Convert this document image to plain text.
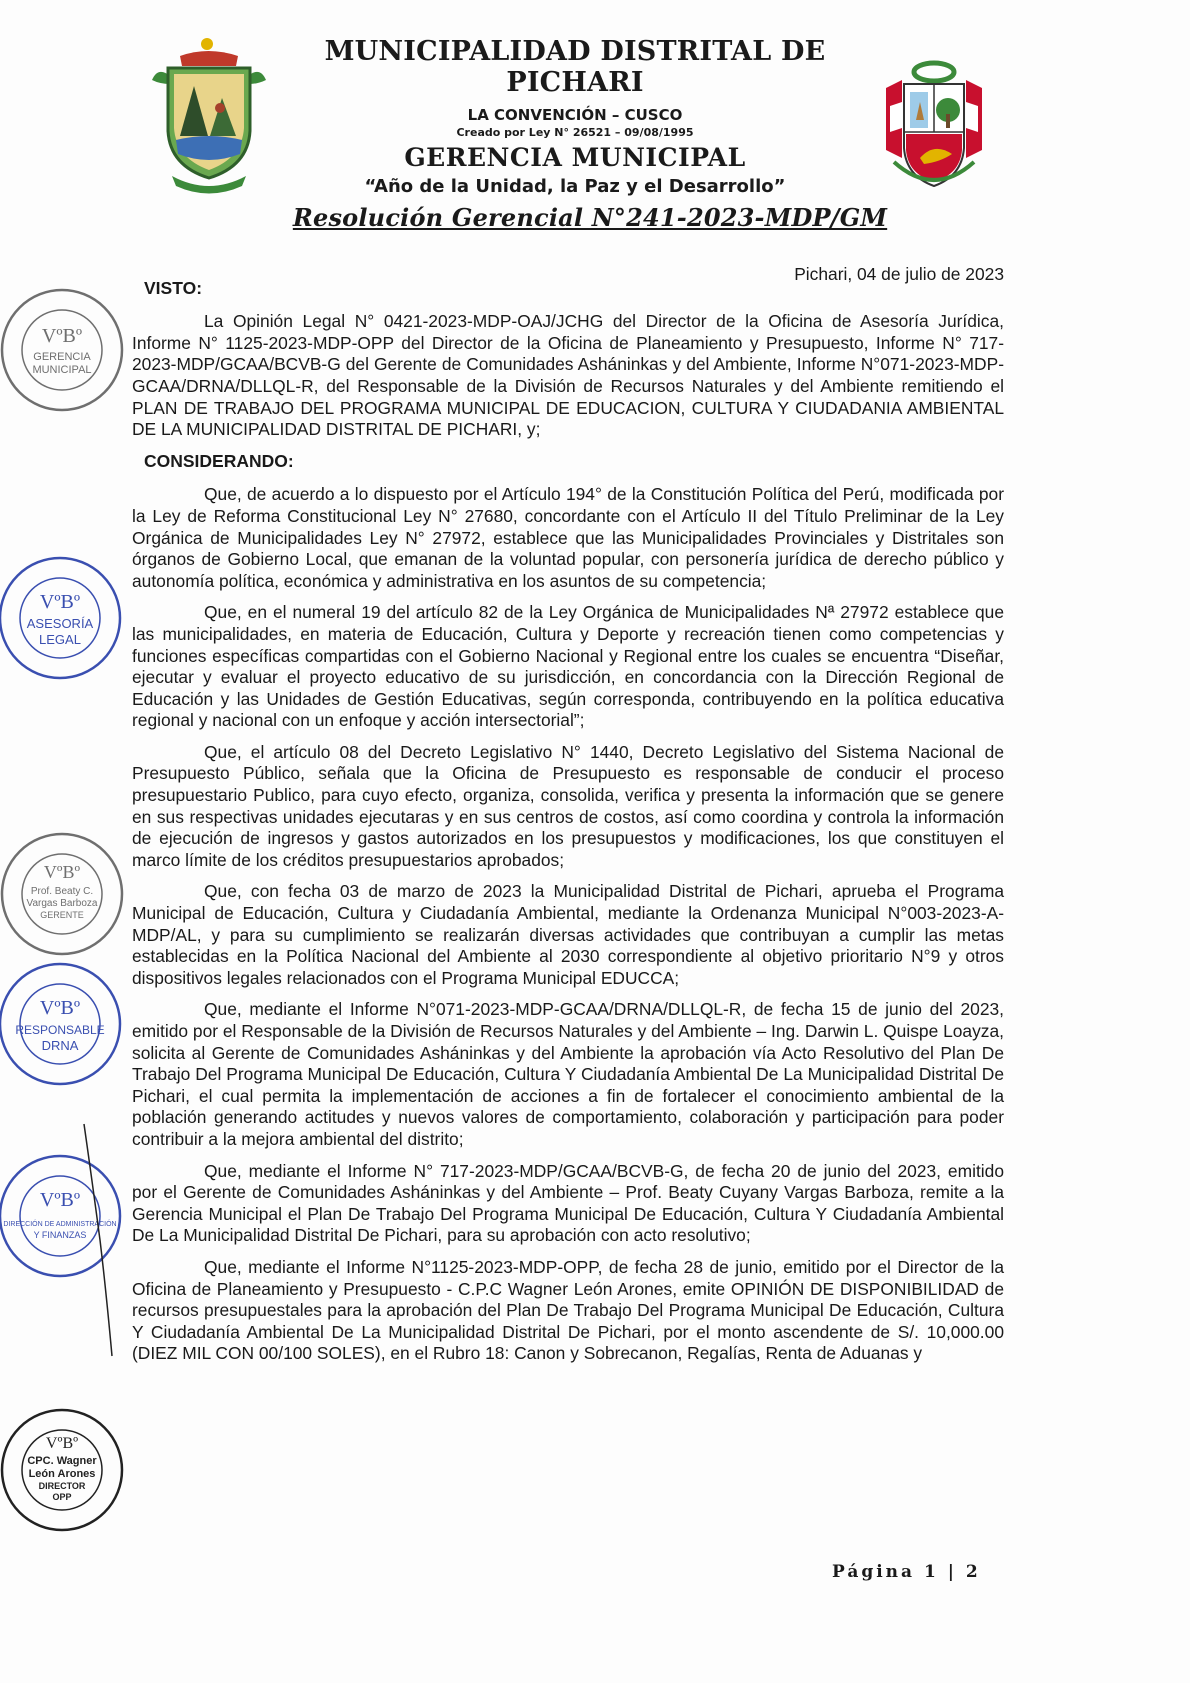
MUNICIPALIDAD DISTRITAL DE PICHARI
LA CONVENCIÓN – CUSCO
Creado por Ley N° 26521 – 09/08/1995
GERENCIA MUNICIPAL
“Año de la Unidad, la Paz y el Desarrollo”
Resolución Gerencial N°241-2023-MDP/GM
Pichari, 04 de julio de 2023
VISTO:

La Opinión Legal N° 0421-2023-MDP-OAJ/JCHG del Director de la Oficina de Asesoría Jurídica, Informe N° 1125-2023-MDP-OPP del Director de la Oficina de Planeamiento y Presupuesto, Informe N° 717-2023-MDP/GCAA/BCVB-G del Gerente de Comunidades Asháninkas y del Ambiente, Informe N°071-2023-MDP-GCAA/DRNA/DLLQL-R, del Responsable de la División de Recursos Naturales y del Ambiente remitiendo el PLAN DE TRABAJO DEL PROGRAMA MUNICIPAL DE EDUCACION, CULTURA Y CIUDADANIA AMBIENTAL DE LA MUNICIPALIDAD DISTRITAL DE PICHARI, y;

CONSIDERANDO:

Que, de acuerdo a lo dispuesto por el Artículo 194° de la Constitución Política del Perú, modificada por la Ley de Reforma Constitucional Ley N° 27680, concordante con el Artículo II del Título Preliminar de la Ley Orgánica de Municipalidades Ley N° 27972, establece que las Municipalidades Provinciales y Distritales son órganos de Gobierno Local, que emanan de la voluntad popular, con personería jurídica de derecho público y autonomía política, económica y administrativa en los asuntos de su competencia;

Que, en el numeral 19 del artículo 82 de la Ley Orgánica de Municipalidades Nª 27972 establece que las municipalidades, en materia de Educación, Cultura y Deporte y recreación tienen como competencias y funciones específicas compartidas con el Gobierno Nacional y Regional entre los cuales se encuentra “Diseñar, ejecutar y evaluar el proyecto educativo de su jurisdicción, en concordancia con la Dirección Regional de Educación y las Unidades de Gestión Educativas, según corresponda, contribuyendo en la política educativa regional y nacional con un enfoque y acción intersectorial”;

Que, el artículo 08 del Decreto Legislativo N° 1440, Decreto Legislativo del Sistema Nacional de Presupuesto Público, señala que la Oficina de Presupuesto es responsable de conducir el proceso presupuestario Publico, para cuyo efecto, organiza, consolida, verifica y presenta la información que se genere en sus respectivas unidades ejecutaras y en sus centros de costos, así como coordina y controla la información de ejecución de ingresos y gastos autorizados en los presupuestos y modificaciones, los que constituyen el marco límite de los créditos presupuestarios aprobados;

Que, con fecha 03 de marzo de 2023 la Municipalidad Distrital de Pichari, aprueba el Programa Municipal de Educación, Cultura y Ciudadanía Ambiental, mediante la Ordenanza Municipal N°003-2023-A-MDP/AL, y para su cumplimiento se realizarán diversas actividades que contribuyan a cumplir las metas establecidas en la Política Nacional del Ambiente al 2030 correspondiente al objetivo prioritario N°9 y otros dispositivos legales relacionados con el Programa Municipal EDUCCA;

Que, mediante el Informe N°071-2023-MDP-GCAA/DRNA/DLLQL-R, de fecha 15 de junio del 2023, emitido por el Responsable de la División de Recursos Naturales y del Ambiente – Ing. Darwin L. Quispe Loayza, solicita al Gerente de Comunidades Asháninkas y del Ambiente la aprobación vía Acto Resolutivo del Plan De Trabajo Del Programa Municipal De Educación, Cultura Y Ciudadanía Ambiental De La Municipalidad Distrital De Pichari, el cual permita la implementación de acciones a fin de fortalecer el conocimiento ambiental de la población generando actitudes y nuevos valores de comportamiento, colaboración y participación para poder contribuir a la mejora ambiental del distrito;

Que, mediante el Informe N° 717-2023-MDP/GCAA/BCVB-G, de fecha 20 de junio del 2023, emitido por el Gerente de Comunidades Asháninkas y del Ambiente – Prof. Beaty Cuyany Vargas Barboza, remite a la Gerencia Municipal el Plan De Trabajo Del Programa Municipal De Educación, Cultura Y Ciudadanía Ambiental De La Municipalidad Distrital De Pichari, para su aprobación con acto resolutivo;

Que, mediante el Informe N°1125-2023-MDP-OPP, de fecha 28 de junio, emitido por el Director de la Oficina de Planeamiento y Presupuesto - C.P.C Wagner León Arones, emite OPINIÓN DE DISPONIBILIDAD de recursos presupuestales para la aprobación del Plan De Trabajo Del Programa Municipal De Educación, Cultura Y Ciudadanía Ambiental De La Municipalidad Distrital De Pichari, por el monto ascendente de S/. 10,000.00 (DIEZ MIL CON 00/100 SOLES), en el Rubro 18: Canon y Sobrecanon, Regalías, Renta de Aduanas y

Página 1 | 2
VºBº
GERENCIA
MUNICIPAL
VºBº
ASESORÍA
LEGAL
VºBº
Prof. Beaty C.
Vargas Barboza
GERENTE
VºBº
RESPONSABLE
DRNA
VºBº
DIRECCIÓN DE ADMINISTRACIÓN
Y FINANZAS
VºBº
CPC. Wagner
León Arones
DIRECTOR
OPP
